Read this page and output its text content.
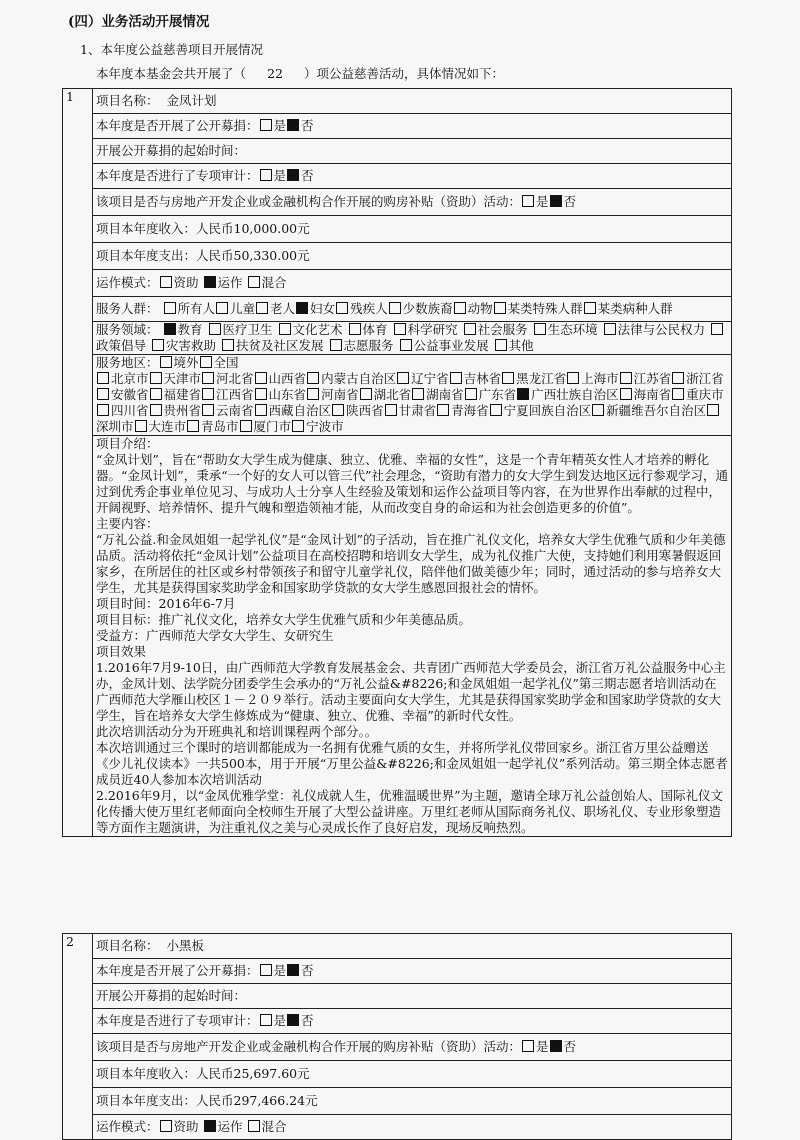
(四）业务活动开展情况
1、本年度公益慈善项目开展情况
本年度本基金会共开展了（ 22 ）项公益慈善活动，具体情况如下：
1	项目名称： 金凤计划
本年度是否开展了公开募捐： 是 否
开展公开募捐的起始时间：
本年度是否进行了专项审计： 是 否
该项目是否与房地产开发企业或金融机构合作开展的购房补贴（资助）活动： 是 否
项目本年度收入：人民币10,000.00元
项目本年度支出：人民币50,330.00元
运作模式： 资助 运作 混合
服务人群： 所有人 儿童 老人 妇女 残疾人 少数族裔 动物 某类特殊人群 某类病种人群
服务领域： 教育 医疗卫生 文化艺术 体育 科学研究 社会服务 生态环境 法律与公民权力政策倡导 灾害救助 扶贫及社区发展 志愿服务 公益事业发展 其他
服务地区： 境外 全国
北京市 天津市 河北省 山西省 内蒙古自治区 辽宁省 吉林省 黑龙江省 上海市 江苏省 浙江省安徽省 福建省 江西省 山东省 河南省 湖北省 湖南省 广东省 广西壮族自治区 海南省 重庆市四川省 贵州省 云南省 西藏自治区 陕西省 甘肃省 青海省 宁夏回族自治区 新疆维吾尔自治区深圳市 大连市 青岛市 厦门市 宁波市
项目介绍：

“金凤计划”，旨在“帮助女大学生成为健康、独立、优雅、幸福的女性”，这是一个青年精英女性人才培养的孵化器。“金凤计划”，秉承“一个好的女人可以管三代”社会理念，“资助有潜力的女大学生到发达地区远行参观学习，通过到优秀企事业单位见习、与成功人士分享人生经验及策划和运作公益项目等内容，在为世界作出奉献的过程中，开阔视野、培养情怀、提升气魄和塑造领袖才能，从而改变自身的命运和为社会创造更多的价值”。

主要内容：

“万礼公益.和金凤姐姐一起学礼仪”是“金凤计划”的子活动，旨在推广礼仪文化，培养女大学生优雅气质和少年美德品质。活动将依托“金凤计划”公益项目在高校招聘和培训女大学生，成为礼仪推广大使，支持她们利用寒暑假返回家乡，在所居住的社区或乡村带领孩子和留守儿童学礼仪，陪伴他们做美德少年；同时，通过活动的参与培养女大学生，尤其是获得国家奖助学金和国家助学贷款的女大学生感恩回报社会的情怀。

项目时间：2016年6-7月

项目目标：推广礼仪文化，培养女大学生优雅气质和少年美德品质。

受益方：广西师范大学女大学生、女研究生

项目效果

1.2016年7月9-10日，由广西师范大学教育发展基金会、共青团广西师范大学委员会，浙江省万礼公益服务中心主办，金凤计划、法学院分团委学生会承办的“万礼公益&#8226;和金凤姐姐一起学礼仪”第三期志愿者培训活动在广西师范大学雁山校区１－２０９举行。活动主要面向女大学生，尤其是获得国家奖助学金和国家助学贷款的女大学生，旨在培养女大学生修炼成为“健康、独立、优雅、幸福”的新时代女性。

此次培训活动分为开班典礼和培训课程两个部分。。

本次培训通过三个课时的培训都能成为一名拥有优雅气质的女生，并将所学礼仪带回家乡。浙江省万里公益赠送《少儿礼仪读本》一共500本，用于开展“万里公益&#8226;和金凤姐姐一起学礼仪”系列活动。第三期全体志愿者成员近40人参加本次培训活动

2.2016年9月，以“金凤优雅学堂：礼仪成就人生，优雅温暖世界”为主题，邀请全球万礼公益创始人、国际礼仪文化传播大使万里红老师面向全校师生开展了大型公益讲座。万里红老师从国际商务礼仪、职场礼仪、专业形象塑造等方面作主题演讲，为注重礼仪之美与心灵成长作了良好启发，现场反响热烈。

2	项目名称： 小黑板
本年度是否开展了公开募捐： 是 否
开展公开募捐的起始时间：
本年度是否进行了专项审计： 是 否
该项目是否与房地产开发企业或金融机构合作开展的购房补贴（资助）活动： 是 否
项目本年度收入：人民币25,697.60元
项目本年度支出：人民币297,466.24元
运作模式： 资助 运作 混合
